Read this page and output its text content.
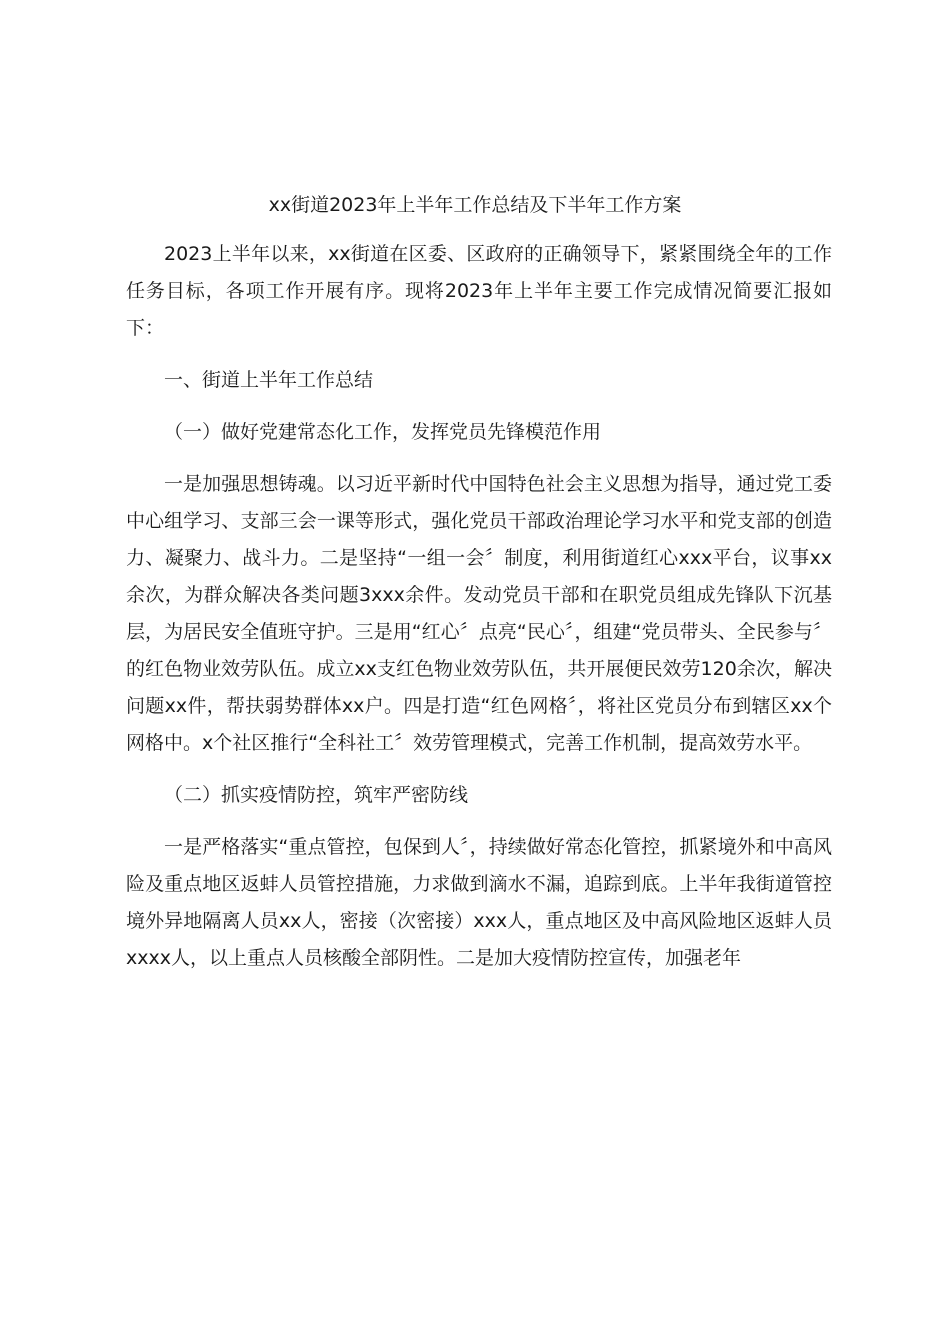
xx街道2023年上半年工作总结及下半年工作方案

2023上半年以来，xx街道在区委、区政府的正确领导下，紧紧围绕全年的工作任务目标，各项工作开展有序。现将2023年上半年主要工作完成情况简要汇报如下：

一、街道上半年工作总结

（一）做好党建常态化工作，发挥党员先锋模范作用

一是加强思想铸魂。以习近平新时代中国特色社会主义思想为指导，通过党工委中心组学习、支部三会一课等形式，强化党员干部政治理论学习水平和党支部的创造力、凝聚力、战斗力。二是坚持“一组一会〞制度，利用街道红心xxx平台，议事xx余次，为群众解决各类问题3xxx余件。发动党员干部和在职党员组成先锋队下沉基层，为居民安全值班守护。三是用“红心〞点亮“民心〞，组建“党员带头、全民参与〞的红色物业效劳队伍。成立xx支红色物业效劳队伍，共开展便民效劳120余次，解决问题xx件，帮扶弱势群体xx户。四是打造“红色网格〞，将社区党员分布到辖区xx个网格中。x个社区推行“全科社工〞效劳管理模式，完善工作机制，提高效劳水平。

（二）抓实疫情防控，筑牢严密防线

一是严格落实“重点管控，包保到人〞，持续做好常态化管控，抓紧境外和中高风险及重点地区返蚌人员管控措施，力求做到滴水不漏，追踪到底。上半年我街道管控境外异地隔离人员xx人，密接（次密接）xxx人，重点地区及中高风险地区返蚌人员xxxx人，以上重点人员核酸全部阴性。二是加大疫情防控宣传，加强老年
